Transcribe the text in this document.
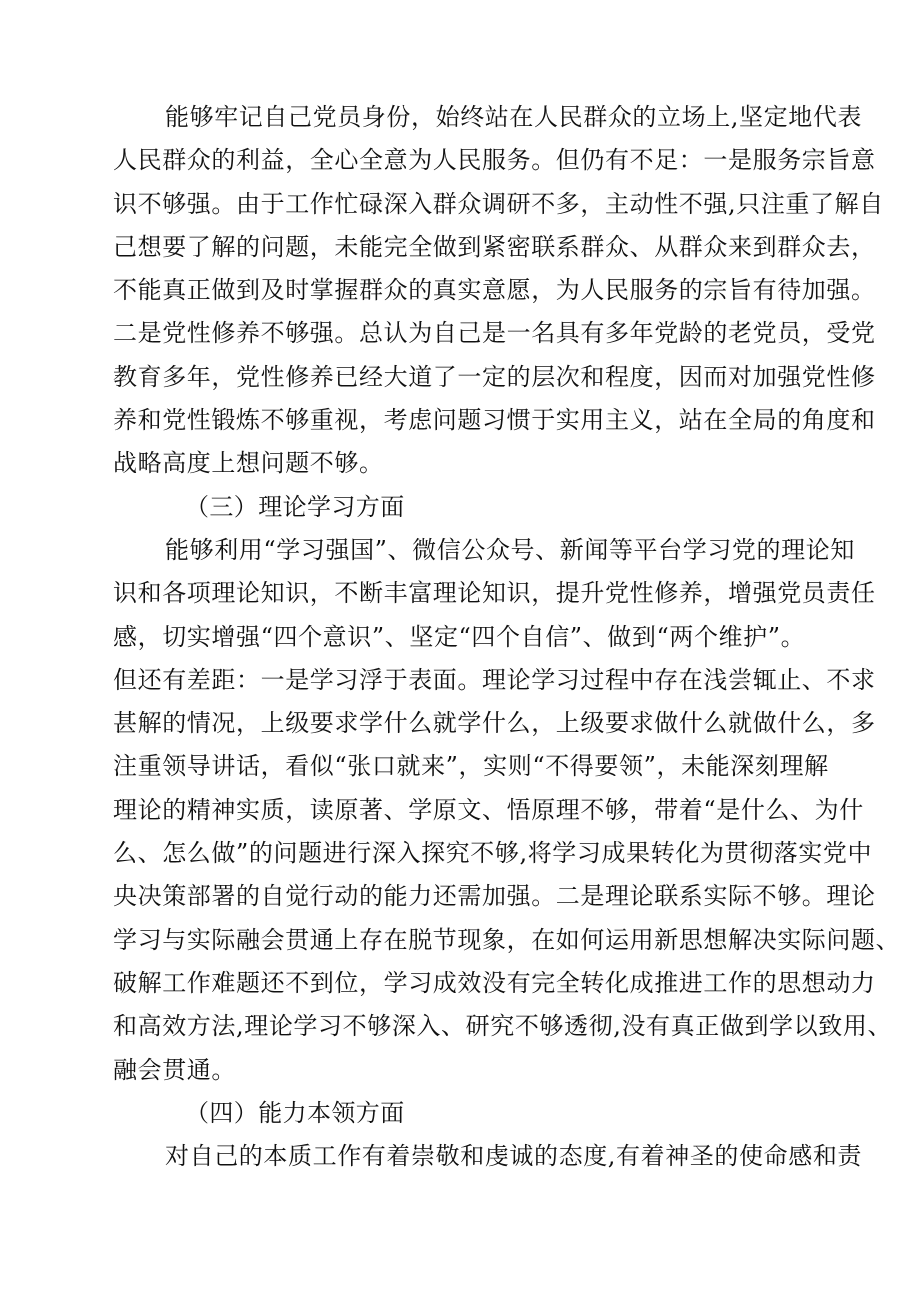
能够牢记自己党员身份，始终站在人民群众的立场上,坚定地代表
人民群众的利益，全心全意为人民服务。但仍有不足：一是服务宗旨意
识不够强。由于工作忙碌深入群众调研不多，主动性不强,只注重了解自
己想要了解的问题，未能完全做到紧密联系群众、从群众来到群众去，
不能真正做到及时掌握群众的真实意愿，为人民服务的宗旨有待加强。
二是党性修养不够强。总认为自己是一名具有多年党龄的老党员，受党
教育多年，党性修养已经大道了一定的层次和程度，因而对加强党性修
养和党性锻炼不够重视，考虑问题习惯于实用主义，站在全局的角度和
战略高度上想问题不够。
（三）理论学习方面
能够利用“学习强国”、微信公众号、新闻等平台学习党的理论知
识和各项理论知识，不断丰富理论知识，提升党性修养，增强党员责任
感，切实增强“四个意识”、坚定“四个自信”、做到“两个维护”。
但还有差距：一是学习浮于表面。理论学习过程中存在浅尝辄止、不求
甚解的情况，上级要求学什么就学什么，上级要求做什么就做什么，多
注重领导讲话，看似“张口就来”，实则“不得要领”，未能深刻理解
理论的精神实质，读原著、学原文、悟原理不够，带着“是什么、为什
么、怎么做”的问题进行深入探究不够,将学习成果转化为贯彻落实党中
央决策部署的自觉行动的能力还需加强。二是理论联系实际不够。理论
学习与实际融会贯通上存在脱节现象，在如何运用新思想解决实际问题、
破解工作难题还不到位，学习成效没有完全转化成推进工作的思想动力
和高效方法,理论学习不够深入、研究不够透彻,没有真正做到学以致用、
融会贯通。
（四）能力本领方面
对自己的本质工作有着崇敬和虔诚的态度,有着神圣的使命感和责
